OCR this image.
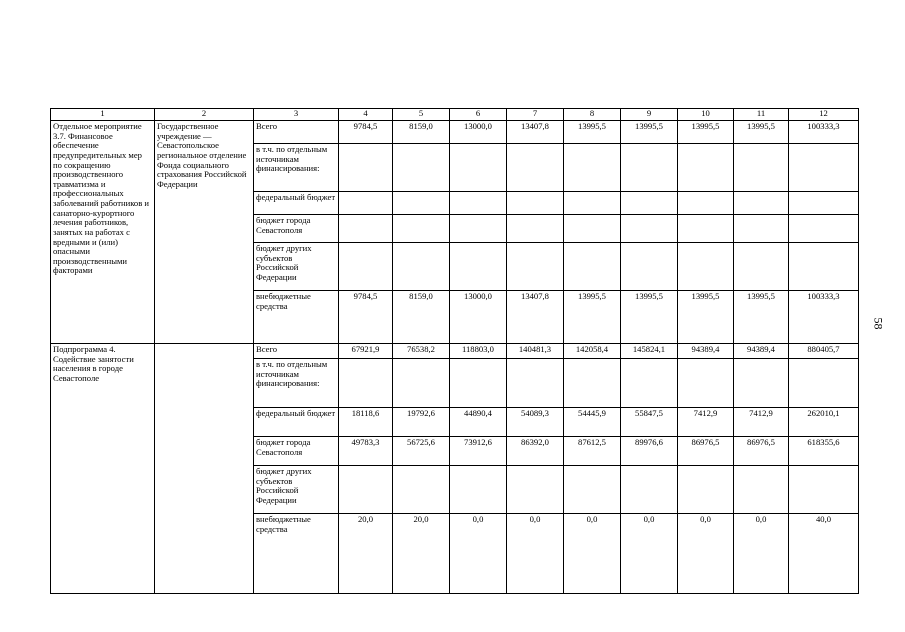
1	2	3	4	5	6	7	8	9	10	11	12
Отдельное мероприятие 3.7. Финансовое обеспечение предупредительных мер по сокращению производственного травматизма и профессиональных заболеваний работников и санаторно-курортного лечения работников, занятых на работах с вредными и (или) опасными производственными факторами	Государственное учреждение — Севастопольское региональное отделение Фонда социального страхования Российской Федерации	Всего	9784,5	8159,0	13000,0	13407,8	13995,5	13995,5	13995,5	13995,5	100333,3
		в т.ч. по отдельным источникам финансирования:									
		федеральный бюджет									
		бюджет города Севастополя									
		бюджет других субъектов Российской Федерации									
		внебюджетные средства	9784,5	8159,0	13000,0	13407,8	13995,5	13995,5	13995,5	13995,5	100333,3
Подпрограмма 4. Содействие занятости населения в городе Севастополе		Всего	67921,9	76538,2	118803,0	140481,3	142058,4	145824,1	94389,4	94389,4	880405,7
		в т.ч. по отдельным источникам финансирования:									
		федеральный бюджет	18118,6	19792,6	44890,4	54089,3	54445,9	55847,5	7412,9	7412,9	262010,1
		бюджет города Севастополя	49783,3	56725,6	73912,6	86392,0	87612,5	89976,6	86976,5	86976,5	618355,6
		бюджет других субъектов Российской Федерации									
		внебюджетные средства	20,0	20,0	0,0	0,0	0,0	0,0	0,0	0,0	40,0
58
